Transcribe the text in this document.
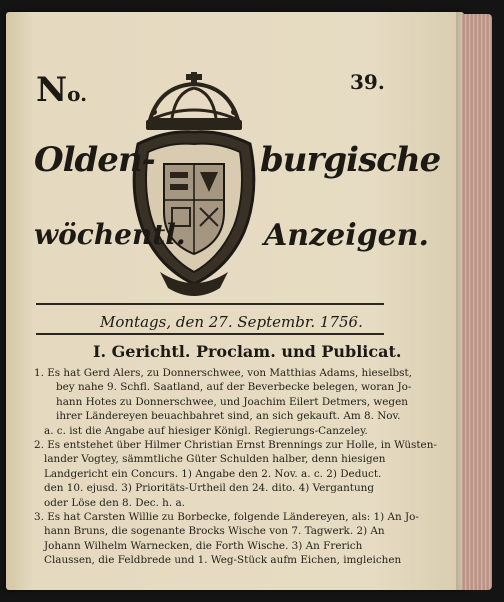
No.	39.
Olden-	burgische
wöchentl.	Anzeigen.
Montags, den 27. Septembr. 1756.
I. Gerichtl. Proclam. und Publicat.
1. Es hat Gerd Alers, zu Donnerschwee, von Matthias Adams, hieselbst,
bey nahe 9. Schfl. Saatland, auf der Beverbecke belegen, woran Jo-
hann Hotes zu Donnerschwee, und Joachim Eilert Detmers, wegen
ihrer Ländereyen beuachbahret sind, an sich gekauft. Am 8. Nov.
a. c. ist die Angabe auf hiesiger Königl. Regierungs-Canzeley.
2. Es entstehet über Hilmer Christian Ernst Brennings zur Holle, in Wüsten-
lander Vogtey, sämmtliche Güter Schulden halber, denn hiesigen
Landgericht ein Concurs. 1) Angabe den 2. Nov. a. c. 2) Deduct.
den 10. ejusd. 3) Prioritäts-Urtheil den 24. dito. 4) Vergantung
oder Löse den 8. Dec. h. a.
3. Es hat Carsten Willie zu Borbecke, folgende Ländereyen, als: 1) An Jo-
hann Bruns, die sogenante Brocks Wische von 7. Tagwerk. 2) An
Johann Wilhelm Warnecken, die Forth Wische. 3) An Frerich
Claussen, die Feldbrede und 1. Weg-Stück aufm Eichen, imgleichen
